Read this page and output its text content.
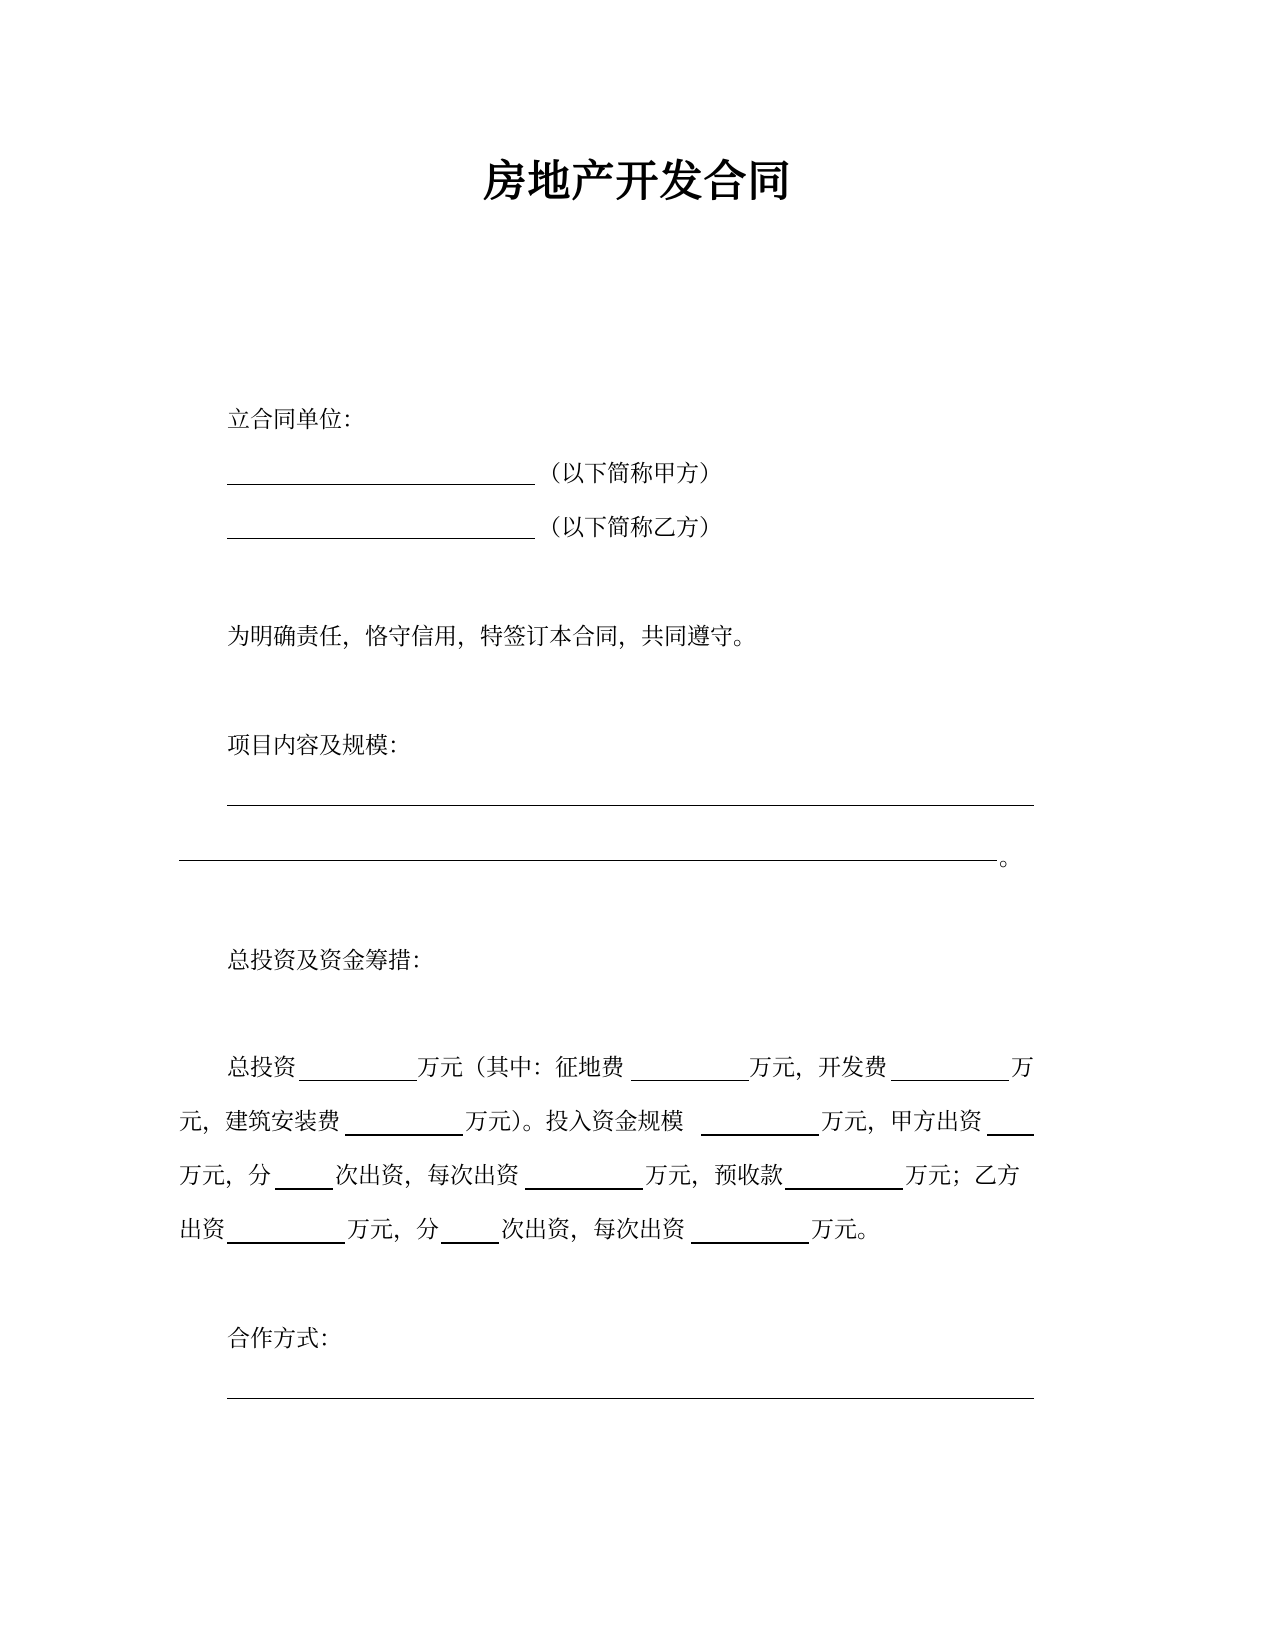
房地产开发合同
立合同单位：
（以下简称甲方）
（以下简称乙方）
为明确责任，恪守信用，特签订本合同，共同遵守。
项目内容及规模：
。
总投资及资金筹措：
总投资	万元（其中：征地费	万元，开发费	万
元，建筑安装费	万元）。投入资金规模	万元，甲方出资
万元，分	次出资，每次出资	万元，预收款	万元；乙方
出资	万元，分	次出资，每次出资	万元。
合作方式：
